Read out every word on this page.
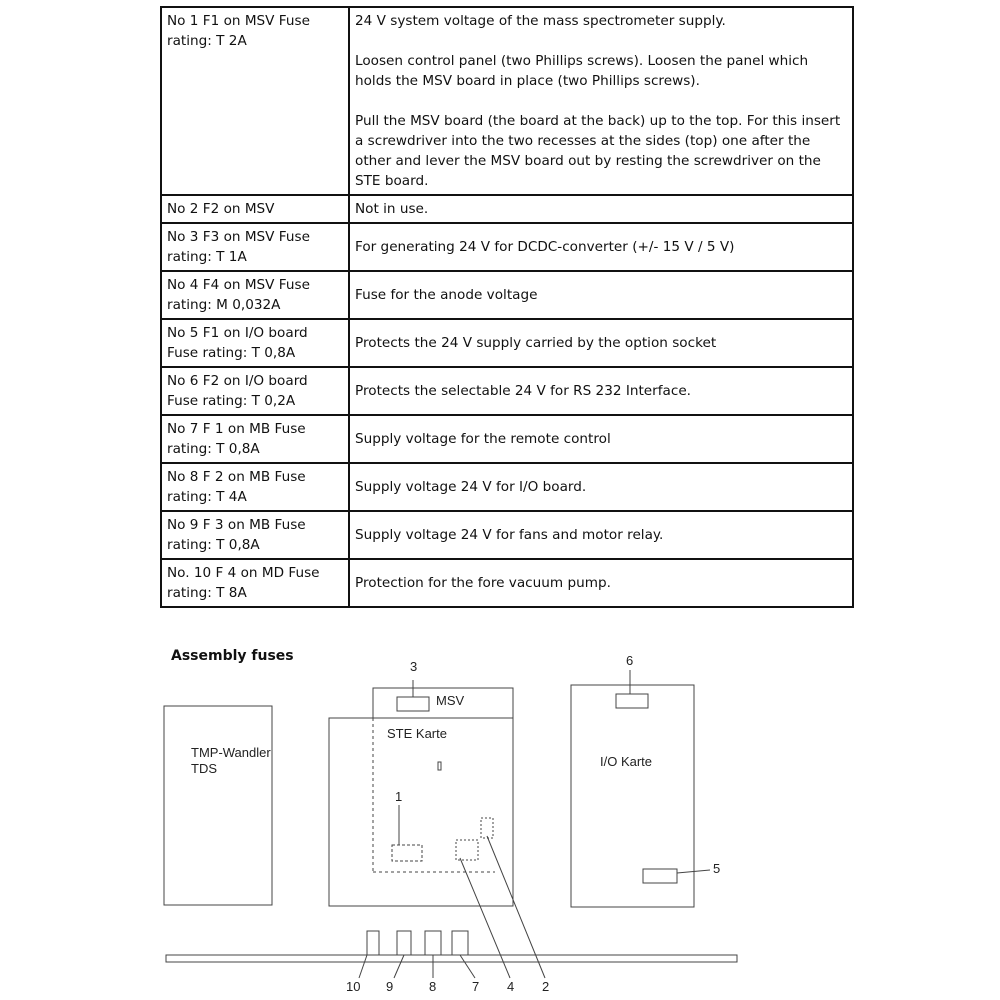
No 1 F1 on MSV Fuse rating: T 2A	24 V system voltage of the mass spectrometer supply.
Loosen control panel (two Phillips screws). Loosen the panel which holds the MSV board in place (two Phillips screws).
Pull the MSV board (the board at the back) up to the top. For this insert a screwdriver into the two recesses at the sides (top) one after the other and lever the MSV board out by resting the screwdriver on the STE board.

No 2 F2 on MSV	Not in use.

No 3 F3 on MSV Fuse rating: T 1A	For generating 24 V for DCDC-converter (+/- 15 V / 5 V)

No 4 F4 on MSV Fuse rating: M 0,032A	Fuse for the anode voltage

No 5 F1 on I/O board Fuse rating: T 0,8A	Protects the 24 V supply carried by the option socket

No 6 F2 on I/O board Fuse rating: T 0,2A	Protects the selectable 24 V for RS 232 Interface.

No 7 F 1 on MB Fuse rating: T 0,8A	Supply voltage for the remote control

No 8 F 2 on MB Fuse rating: T 4A	Supply voltage 24 V for I/O board.

No 9 F 3 on MB Fuse rating: T 0,8A	Supply voltage 24 V for fans and motor relay.

No. 10 F 4 on MD Fuse rating: T 8A	Protection for the fore vacuum pump.
Assembly fuses
TMP-Wandler
TDS
MSV
STE Karte
I/O Karte
1
3	6
5
10 9	8	7 4 2
